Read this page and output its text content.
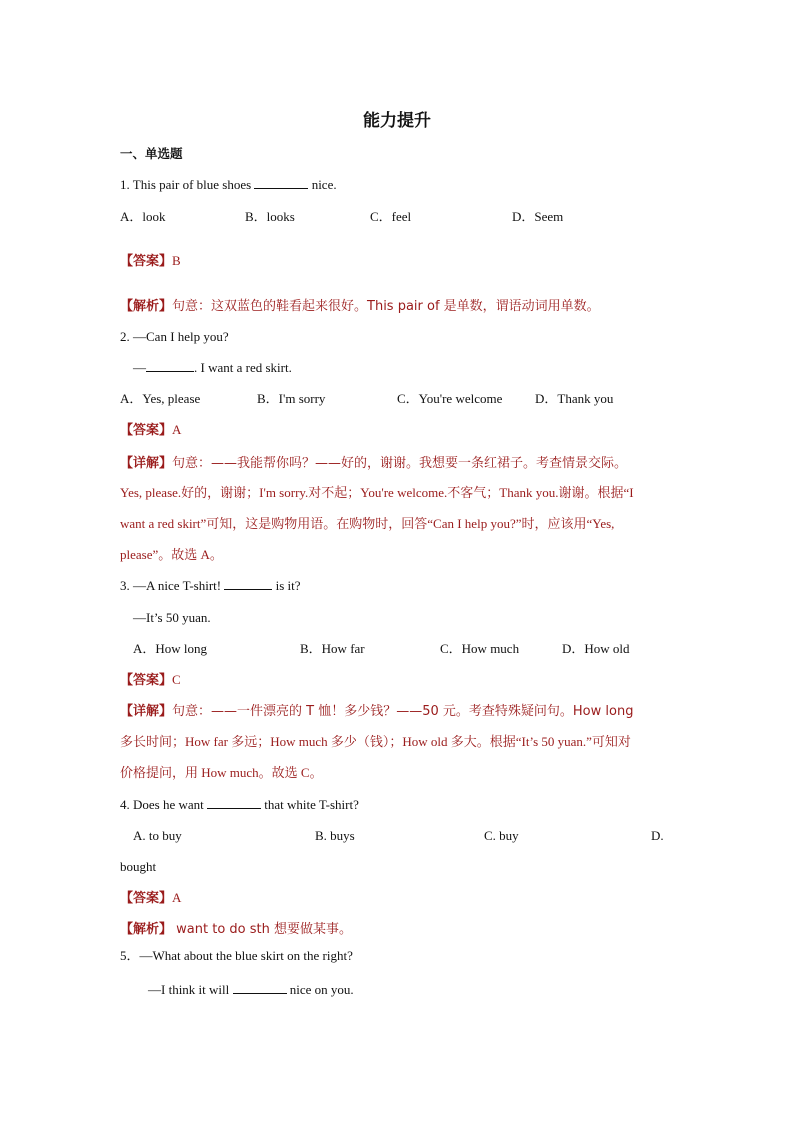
能力提升
一、单选题
1. This pair of blue shoes	nice.
A．look	B．looks	C．feel	D．Seem
【答案】B
【解析】句意：这双蓝色的鞋看起来很好。This pair of 是单数，谓语动词用单数。
2. —Can I help you?
—	. I want a red skirt.
A．Yes, please	B．I'm sorry	C．You're welcome	D．Thank you
【答案】A
【详解】句意：——我能帮你吗？——好的，谢谢。我想要一条红裙子。考查情景交际。
Yes, please.好的，谢谢；I'm sorry.对不起；You're welcome.不客气；Thank you.谢谢。根据“I
want a red skirt”可知，这是购物用语。在购物时，回答“Can I help you?”时，应该用“Yes,
please”。故选 A。
3. —A nice T-shirt!	is it?
—It’s 50 yuan.
A．How long	B．How far	C．How much	D．How old
【答案】C
【详解】句意：——一件漂亮的 T 恤！多少钱？——50 元。考查特殊疑问句。How long
多长时间；How far 多远；How much 多少（钱）；How old 多大。根据“It’s 50 yuan.”可知对
价格提问，用 How much。故选 C。
4. Does he want	that white T-shirt?
A. to buy	B. buys	C. buy	D.
bought
【答案】A
【解析】 want to do sth 想要做某事。
5．—What about the blue skirt on the right?
—I think it will	nice on you.
